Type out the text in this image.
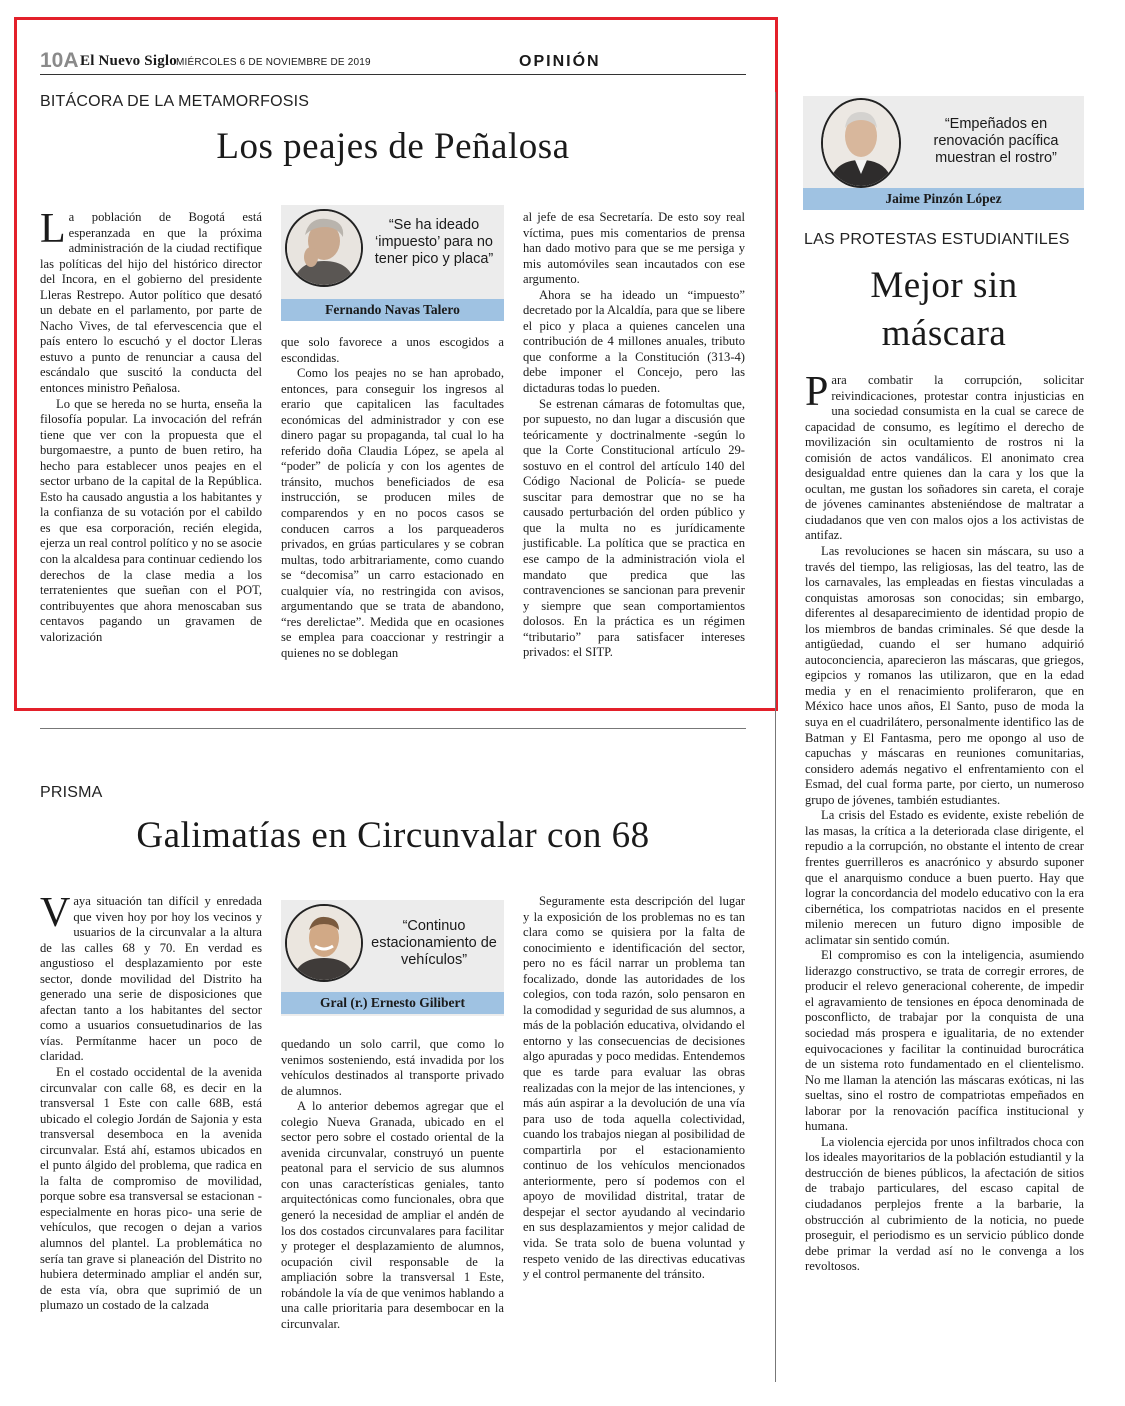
10A El Nuevo Siglo MIÉRCOLES 6 DE NOVIEMBRE DE 2019	OPINIÓN
BITÁCORA DE LA METAMORFOSIS
Los peajes de Peñalosa

La población de Bogotá está esperanzada en que la próxima administración de la ciudad rectifique las políticas del hijo del histórico director del Incora, en el gobierno del presidente Lleras Restrepo. Autor político que desató un debate en el parlamento, por parte de Nacho Vives, de tal efervescencia que el país entero lo escuchó y el doctor Lleras estuvo a punto de renunciar a causa del escándalo que suscitó la conducta del entonces ministro Peñalosa.

Lo que se hereda no se hurta, enseña la filosofía popular. La invocación del refrán tiene que ver con la propuesta que el burgomaestre, a punto de buen retiro, ha hecho para establecer unos peajes en el sector urbano de la capital de la República. Esto ha causado angustia a los habitantes y la confianza de su votación por el cabildo es que esa corporación, recién elegida, ejerza un real control político y no se asocie con la alcaldesa para continuar cediendo los derechos de la clase media a los terratenientes que sueñan con el POT, contribuyentes que ahora menoscaban sus centavos pagando un gravamen de valorización

“Se ha ideado ‘impuesto’ para no tener pico y placa”
Fernando Navas Talero

que solo favorece a unos escogidos a escondidas.

Como los peajes no se han aprobado, entonces, para conseguir los ingresos al erario que capitalicen las facultades económicas del administrador y con ese dinero pagar su propaganda, tal cual lo ha referido doña Claudia López, se apela al “poder” de policía y con los agentes de tránsito, muchos beneficiados de esa instrucción, se producen miles de comparendos y en no pocos casos se conducen carros a los parqueaderos privados, en grúas particulares y se cobran multas, todo arbitrariamente, como cuando se “decomisa” un carro estacionado en cualquier vía, no restringida con avisos, argumentando que se trata de abandono, “res derelictae”. Medida que en ocasiones se emplea para coaccionar y restringir a quienes no se doblegan

al jefe de esa Secretaría. De esto soy real víctima, pues mis comentarios de prensa han dado motivo para que se me persiga y mis automóviles sean incautados con ese argumento.

Ahora se ha ideado un “impuesto” decretado por la Alcaldía, para que se libere el pico y placa a quienes cancelen una contribución de 4 millones anuales, tributo que conforme a la Constitución (313-4) debe imponer el Concejo, pero las dictaduras todas lo pueden.

Se estrenan cámaras de fotomultas que, por supuesto, no dan lugar a discusión que teóricamente y doctrinalmente -según lo que la Corte Constitucional artículo 29- sostuvo en el control del artículo 140 del Código Nacional de Policía- se puede suscitar para demostrar que no se ha causado perturbación del orden público y que la multa no es jurídicamente justificable. La política que se practica en ese campo de la administración viola el mandato que predica que las contravenciones se sancionan para prevenir y siempre que sean comportamientos dolosos. En la práctica es un régimen “tributario” para satisfacer intereses privados: el SITP.

PRISMA
Galimatías en Circunvalar con 68

Vaya situación tan difícil y enredada que viven hoy por hoy los vecinos y usuarios de la circunvalar a la altura de las calles 68 y 70. En verdad es angustioso el desplazamiento por este sector, donde movilidad del Distrito ha generado una serie de disposiciones que afectan tanto a los habitantes del sector como a usuarios consuetudinarios de las vías. Permítanme hacer un poco de claridad.

En el costado occidental de la avenida circunvalar con calle 68, es decir en la transversal 1 Este con calle 68B, está ubicado el colegio Jordán de Sajonia y esta transversal desemboca en la avenida circunvalar. Está ahí, estamos ubicados en el punto álgido del problema, que radica en la falta de compromiso de movilidad, porque sobre esa transversal se estacionan -especialmente en horas pico- una serie de vehículos, que recogen o dejan a varios alumnos del plantel. La problemática no sería tan grave si planeación del Distrito no hubiera determinado ampliar el andén sur, de esta vía, obra que suprimió de un plumazo un costado de la calzada

“Continuo estacionamiento de vehículos”
Gral (r.) Ernesto Gilibert

quedando un solo carril, que como lo venimos sosteniendo, está invadida por los vehículos destinados al transporte privado de alumnos.

A lo anterior debemos agregar que el colegio Nueva Granada, ubicado en el sector pero sobre el costado oriental de la avenida circunvalar, construyó un puente peatonal para el servicio de sus alumnos con unas características geniales, tanto arquitectónicas como funcionales, obra que generó la necesidad de ampliar el andén de los dos costados circunvalares para facilitar y proteger el desplazamiento de alumnos, ocupación civil responsable de la ampliación sobre la transversal 1 Este, robándole la vía de que venimos hablando a una calle prioritaria para desembocar en la circunvalar.

Seguramente esta descripción del lugar y la exposición de los problemas no es tan clara como se quisiera por la falta de conocimiento e identificación del sector, pero no es fácil narrar un problema tan focalizado, donde las autoridades de los colegios, con toda razón, solo pensaron en la comodidad y seguridad de sus alumnos, a más de la población educativa, olvidando el entorno y las consecuencias de decisiones algo apuradas y poco medidas. Entendemos que es tarde para evaluar las obras realizadas con la mejor de las intenciones, y más aún aspirar a la devolución de una vía para uso de toda aquella colectividad, cuando los trabajos niegan al posibilidad de compartirla por el estacionamiento continuo de los vehículos mencionados anteriormente, pero sí podemos con el apoyo de movilidad distrital, tratar de despejar el sector ayudando al vecindario en sus desplazamientos y mejor calidad de vida. Se trata solo de buena voluntad y respeto venido de las directivas educativas y el control permanente del tránsito.

“Empeñados en renovación pacífica muestran el rostro”
Jaime Pinzón López
LAS PROTESTAS ESTUDIANTILES
Mejor sin
máscara

Para combatir la corrupción, solicitar reivindicaciones, protestar contra injusticias en una sociedad consumista en la cual se carece de capacidad de consumo, es legítimo el derecho de movilización sin ocultamiento de rostros ni la comisión de actos vandálicos. El anonimato crea desigualdad entre quienes dan la cara y los que la ocultan, me gustan los soñadores sin careta, el coraje de jóvenes caminantes absteniéndose de maltratar a ciudadanos que ven con malos ojos a los activistas de antifaz.

Las revoluciones se hacen sin máscara, su uso a través del tiempo, las religiosas, las del teatro, las de los carnavales, las empleadas en fiestas vinculadas a conquistas amorosas son conocidas; sin embargo, diferentes al desaparecimiento de identidad propio de los miembros de bandas criminales. Sé que desde la antigüedad, cuando el ser humano adquirió autoconciencia, aparecieron las máscaras, que griegos, egipcios y romanos las utilizaron, que en la edad media y en el renacimiento proliferaron, que en México hace unos años, El Santo, puso de moda la suya en el cuadrilátero, personalmente identifico las de Batman y El Fantasma, pero me opongo al uso de capuchas y máscaras en reuniones comunitarias, considero además negativo el enfrentamiento con el Esmad, del cual forma parte, por cierto, un numeroso grupo de jóvenes, también estudiantes.

La crisis del Estado es evidente, existe rebelión de las masas, la crítica a la deteriorada clase dirigente, el repudio a la corrupción, no obstante el intento de crear frentes guerrilleros es anacrónico y absurdo suponer que el anarquismo conduce a buen puerto. Hay que lograr la concordancia del modelo educativo con la era cibernética, los compatriotas nacidos en el presente milenio merecen un futuro digno imposible de aclimatar sin sentido común.

El compromiso es con la inteligencia, asumiendo liderazgo constructivo, se trata de corregir errores, de producir el relevo generacional coherente, de impedir el agravamiento de tensiones en época denominada de posconflicto, de trabajar por la conquista de una sociedad más prospera e igualitaria, de no extender equivocaciones y facilitar la continuidad burocrática de un sistema roto fundamentado en el clientelismo. No me llaman la atención las máscaras exóticas, ni las sueltas, sino el rostro de compatriotas empeñados en laborar por la renovación pacífica institucional y humana.

La violencia ejercida por unos infiltrados choca con los ideales mayoritarios de la población estudiantil y la destrucción de bienes públicos, la afectación de sitios de trabajo particulares, del escaso capital de ciudadanos perplejos frente a la barbarie, la obstrucción al cubrimiento de la noticia, no puede proseguir, el periodismo es un servicio público donde debe primar la verdad así no le convenga a los revoltosos.
